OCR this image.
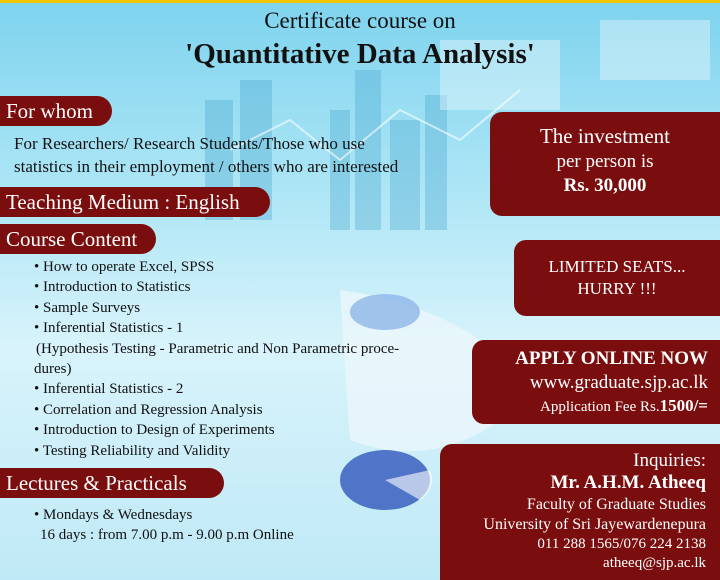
Certificate course on
'Quantitative Data Analysis'
For whom
For Researchers/ Research Students/Those who use
statistics in their employment / others who are interested
Teaching Medium : English
Course Content
• How to operate Excel, SPSS
• Introduction to Statistics
• Sample Surveys
• Inferential Statistics - 1
(Hypothesis Testing - Parametric and Non Parametric proce-
dures)
• Inferential Statistics - 2
• Correlation and Regression Analysis
• Introduction to Design of Experiments
• Testing Reliability and Validity
Lectures & Practicals
• Mondays & Wednesdays
16 days : from 7.00 p.m - 9.00 p.m Online
The investment
per person is
Rs. 30,000
LIMITED SEATS...
HURRY !!!
APPLY ONLINE NOW
www.graduate.sjp.ac.lk
Application Fee Rs.1500/=
Inquiries:
Mr. A.H.M. Atheeq
Faculty of Graduate Studies
University of Sri Jayewardenepura
011 288 1565/076 224 2138
atheeq@sjp.ac.lk
